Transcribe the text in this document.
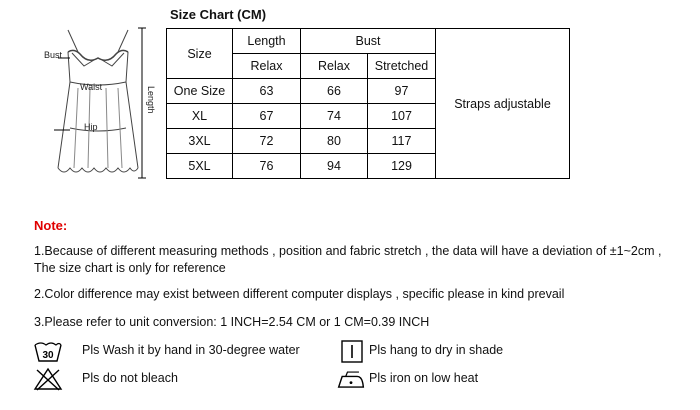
Bust
Waist
Hip
Length
Size Chart (CM)
Size	Length	Bust		Straps adjustable
	Relax	Relax	Stretched	
One Size	63	66	97	
XL	67	74	107	
3XL	72	80	117	
5XL	76	94	129	
Note:
1.Because of different measuring methods , position and fabric stretch , the data will have a deviation of ±1~2cm ,
The size chart is only for reference
2.Color difference may exist between different computer displays , specific please in kind prevail
3.Please refer to unit conversion: 1 INCH=2.54 CM or 1 CM=0.39 INCH
30 Pls Wash it by hand in 30-degree water	Pls hang to dry in shade
Pls do not bleach	Pls iron on low heat
